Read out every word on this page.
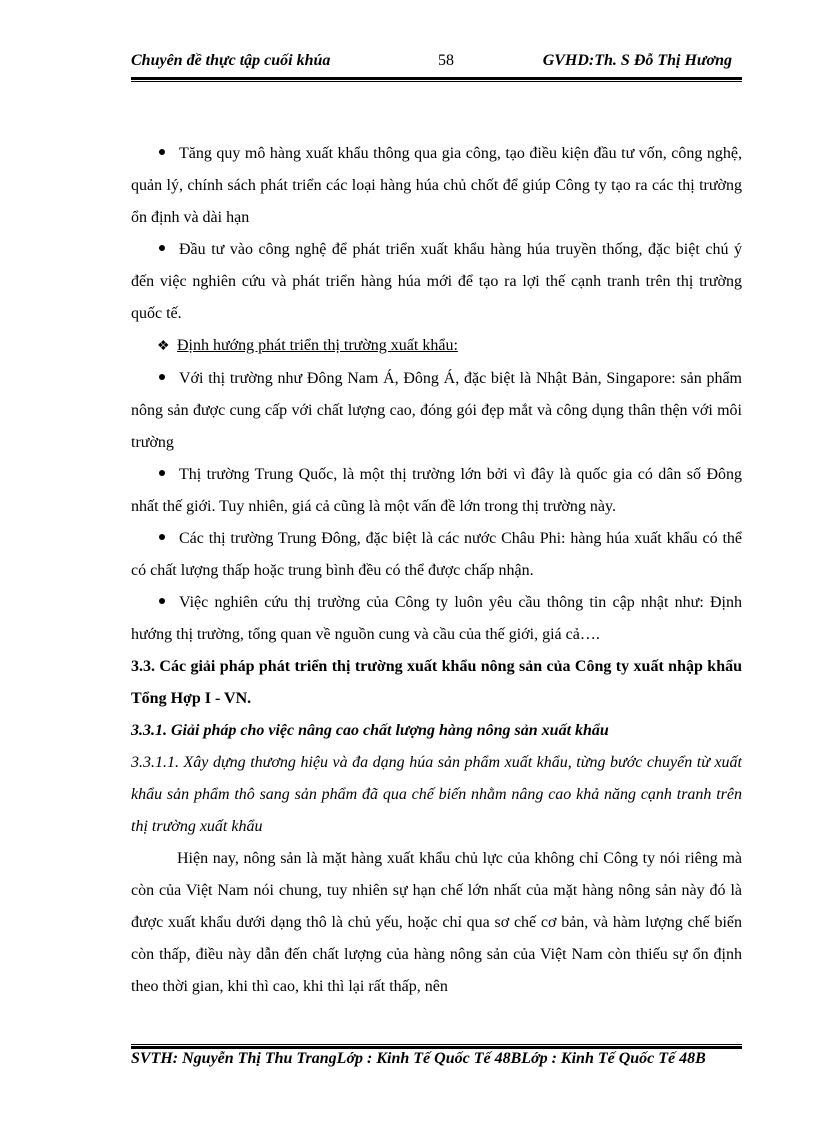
Chuyên đề thực tập cuối khúa	58	GVHD:Th. S Đỗ Thị Hương

Tăng quy mô hàng xuất khẩu thông qua gia công, tạo điều kiện đầu tư vốn, công nghệ, quản lý, chính sách phát triển các loại hàng húa chủ chốt để giúp Công ty tạo ra các thị trường ổn định và dài hạn

Đầu tư vào công nghệ để phát triển xuất khẩu hàng húa truyền thống, đặc biệt chú ý đến việc nghiên cứu và phát triển hàng húa mới để tạo ra lợi thế cạnh tranh trên thị trường quốc tế.

❖ Định hướng phát triển thị trường xuất khẩu:

Với thị trường như Đông Nam Á, Đông Á, đặc biệt là Nhật Bản, Singapore: sản phẩm nông sản được cung cấp với chất lượng cao, đóng gói đẹp mắt và công dụng thân thện với môi trường

Thị trường Trung Quốc, là một thị trường lớn bởi vì đây là quốc gia có dân số Đông nhất thế giới. Tuy nhiên, giá cả cũng là một vấn đề lớn trong thị trường này.

Các thị trường Trung Đông, đặc biệt là các nước Châu Phi: hàng húa xuất khẩu có thể có chất lượng thấp hoặc trung bình đều có thể được chấp nhận.

Việc nghiên cứu thị trường của Công ty luôn yêu cầu thông tin cập nhật như: Định hướng thị trường, tổng quan về nguồn cung và cầu của thế giới, giá cả….

3.3. Các giải pháp phát triển thị trường xuất khẩu nông sản của Công ty xuất nhập khẩu Tổng Hợp I - VN.

3.3.1. Giải pháp cho việc nâng cao chất lượng hàng nông sản xuất khẩu

3.3.1.1. Xây dựng thương hiệu và đa dạng húa sản phẩm xuất khẩu, từng bước chuyển từ xuất khẩu sản phẩm thô sang sản phẩm đã qua chế biến nhằm nâng cao khả năng cạnh tranh trên thị trường xuất khẩu

Hiện nay, nông sản là mặt hàng xuất khẩu chủ lực của không chỉ Công ty nói riêng mà còn của Việt Nam nói chung, tuy nhiên sự hạn chế lớn nhất của mặt hàng nông sản này đó là được xuất khẩu dưới dạng thô là chủ yếu, hoặc chỉ qua sơ chế cơ bản, và hàm lượng chế biến còn thấp, điều này dẫn đến chất lượng của hàng nông sản của Việt Nam còn thiếu sự ổn định theo thời gian, khi thì cao, khi thì lại rất thấp, nên

SVTH: Nguyễn Thị Thu TrangLớp : Kinh Tế Quốc Tế 48BLớp : Kinh Tế Quốc Tế 48B
